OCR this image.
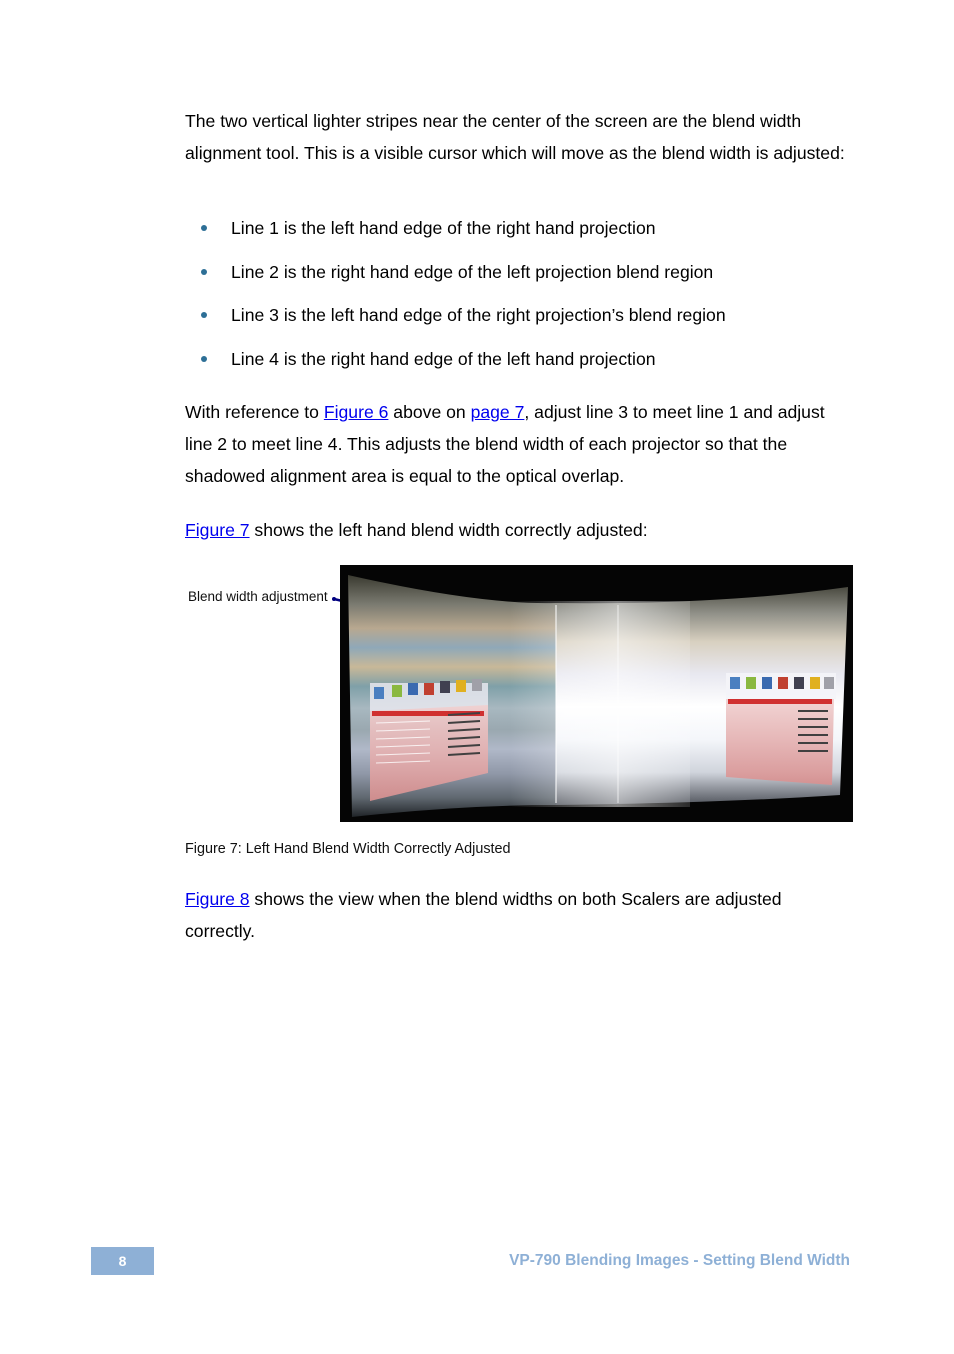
The two vertical lighter stripes near the center of the screen are the blend width alignment tool. This is a visible cursor which will move as the blend width is adjusted:

Line 1 is the left hand edge of the right hand projection
Line 2 is the right hand edge of the left projection blend region
Line 3 is the left hand edge of the right projection’s blend region
Line 4 is the right hand edge of the left hand projection

With reference to Figure 6 above on page 7, adjust line 3 to meet line 1 and adjust line 2 to meet line 4. This adjusts the blend width of each projector so that the shadowed alignment area is equal to the optical overlap.

Figure 7 shows the left hand blend width correctly adjusted:

Blend width adjustment
Figure 7: Left Hand Blend Width Correctly Adjusted

Figure 8 shows the view when the blend widths on both Scalers are adjusted correctly.

8	VP-790 Blending Images - Setting Blend Width
